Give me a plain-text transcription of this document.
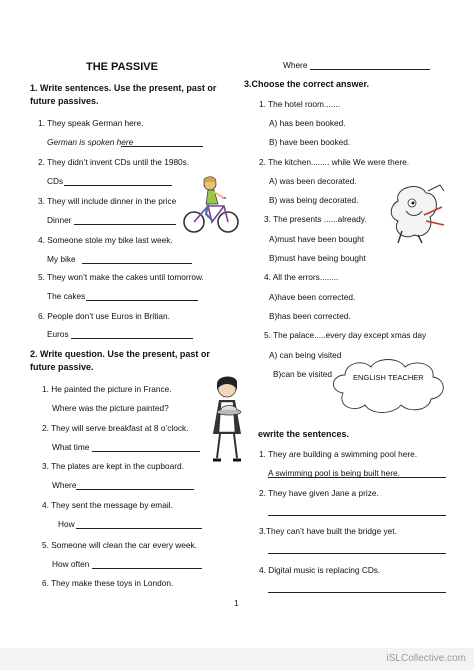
THE PASSIVE
1. Write sentences. Use the present, past or
future passives.
1. They speak German here.
German is spoken here
2. They didn’t invent CDs until the 1980s.
CDs
3. They will include dinner in the price
Dinner
4. Someone stole my bike last week.
My bike
5. They won’t make the cakes until tomorrow.
The cakes
6. People don’t use Euros in Britian.
Euros
2. Write question. Use the present, past or
future passive.
1. He painted the picture in France.
Where was the picture painted?
2. They will serve breakfast at 8 o’clock.
What time
3. The plates are kept in the cupboard.
Where
4. They sent the message by email.
How
5. Someone will clean the car every week.
How often
6. They make these toys in London.
Where
3.Choose the correct answer.
1. The hotel room.......
A) has been booked.
B) have been booked.
2. The kitchen........ while We were there.
A) was been decorated.
B) was being decorated.
3. The presents ......already.
A)must have been bought
B)must have being bought
4. All the errors........
A)have been corrected.
B)has been corrected.
5. The palace.....every day except xmas day
A) can being visited
B)can be visited	ENGLISH TEACHER
ewrite the sentences.
1. They are building a swimming pool here.
A swimming pool is being built here.
2. They have given Jane a prize.
3.They can’t have built the bridge yet.
4. Digital music is replacing CDs.
1
iSLCollective.com
